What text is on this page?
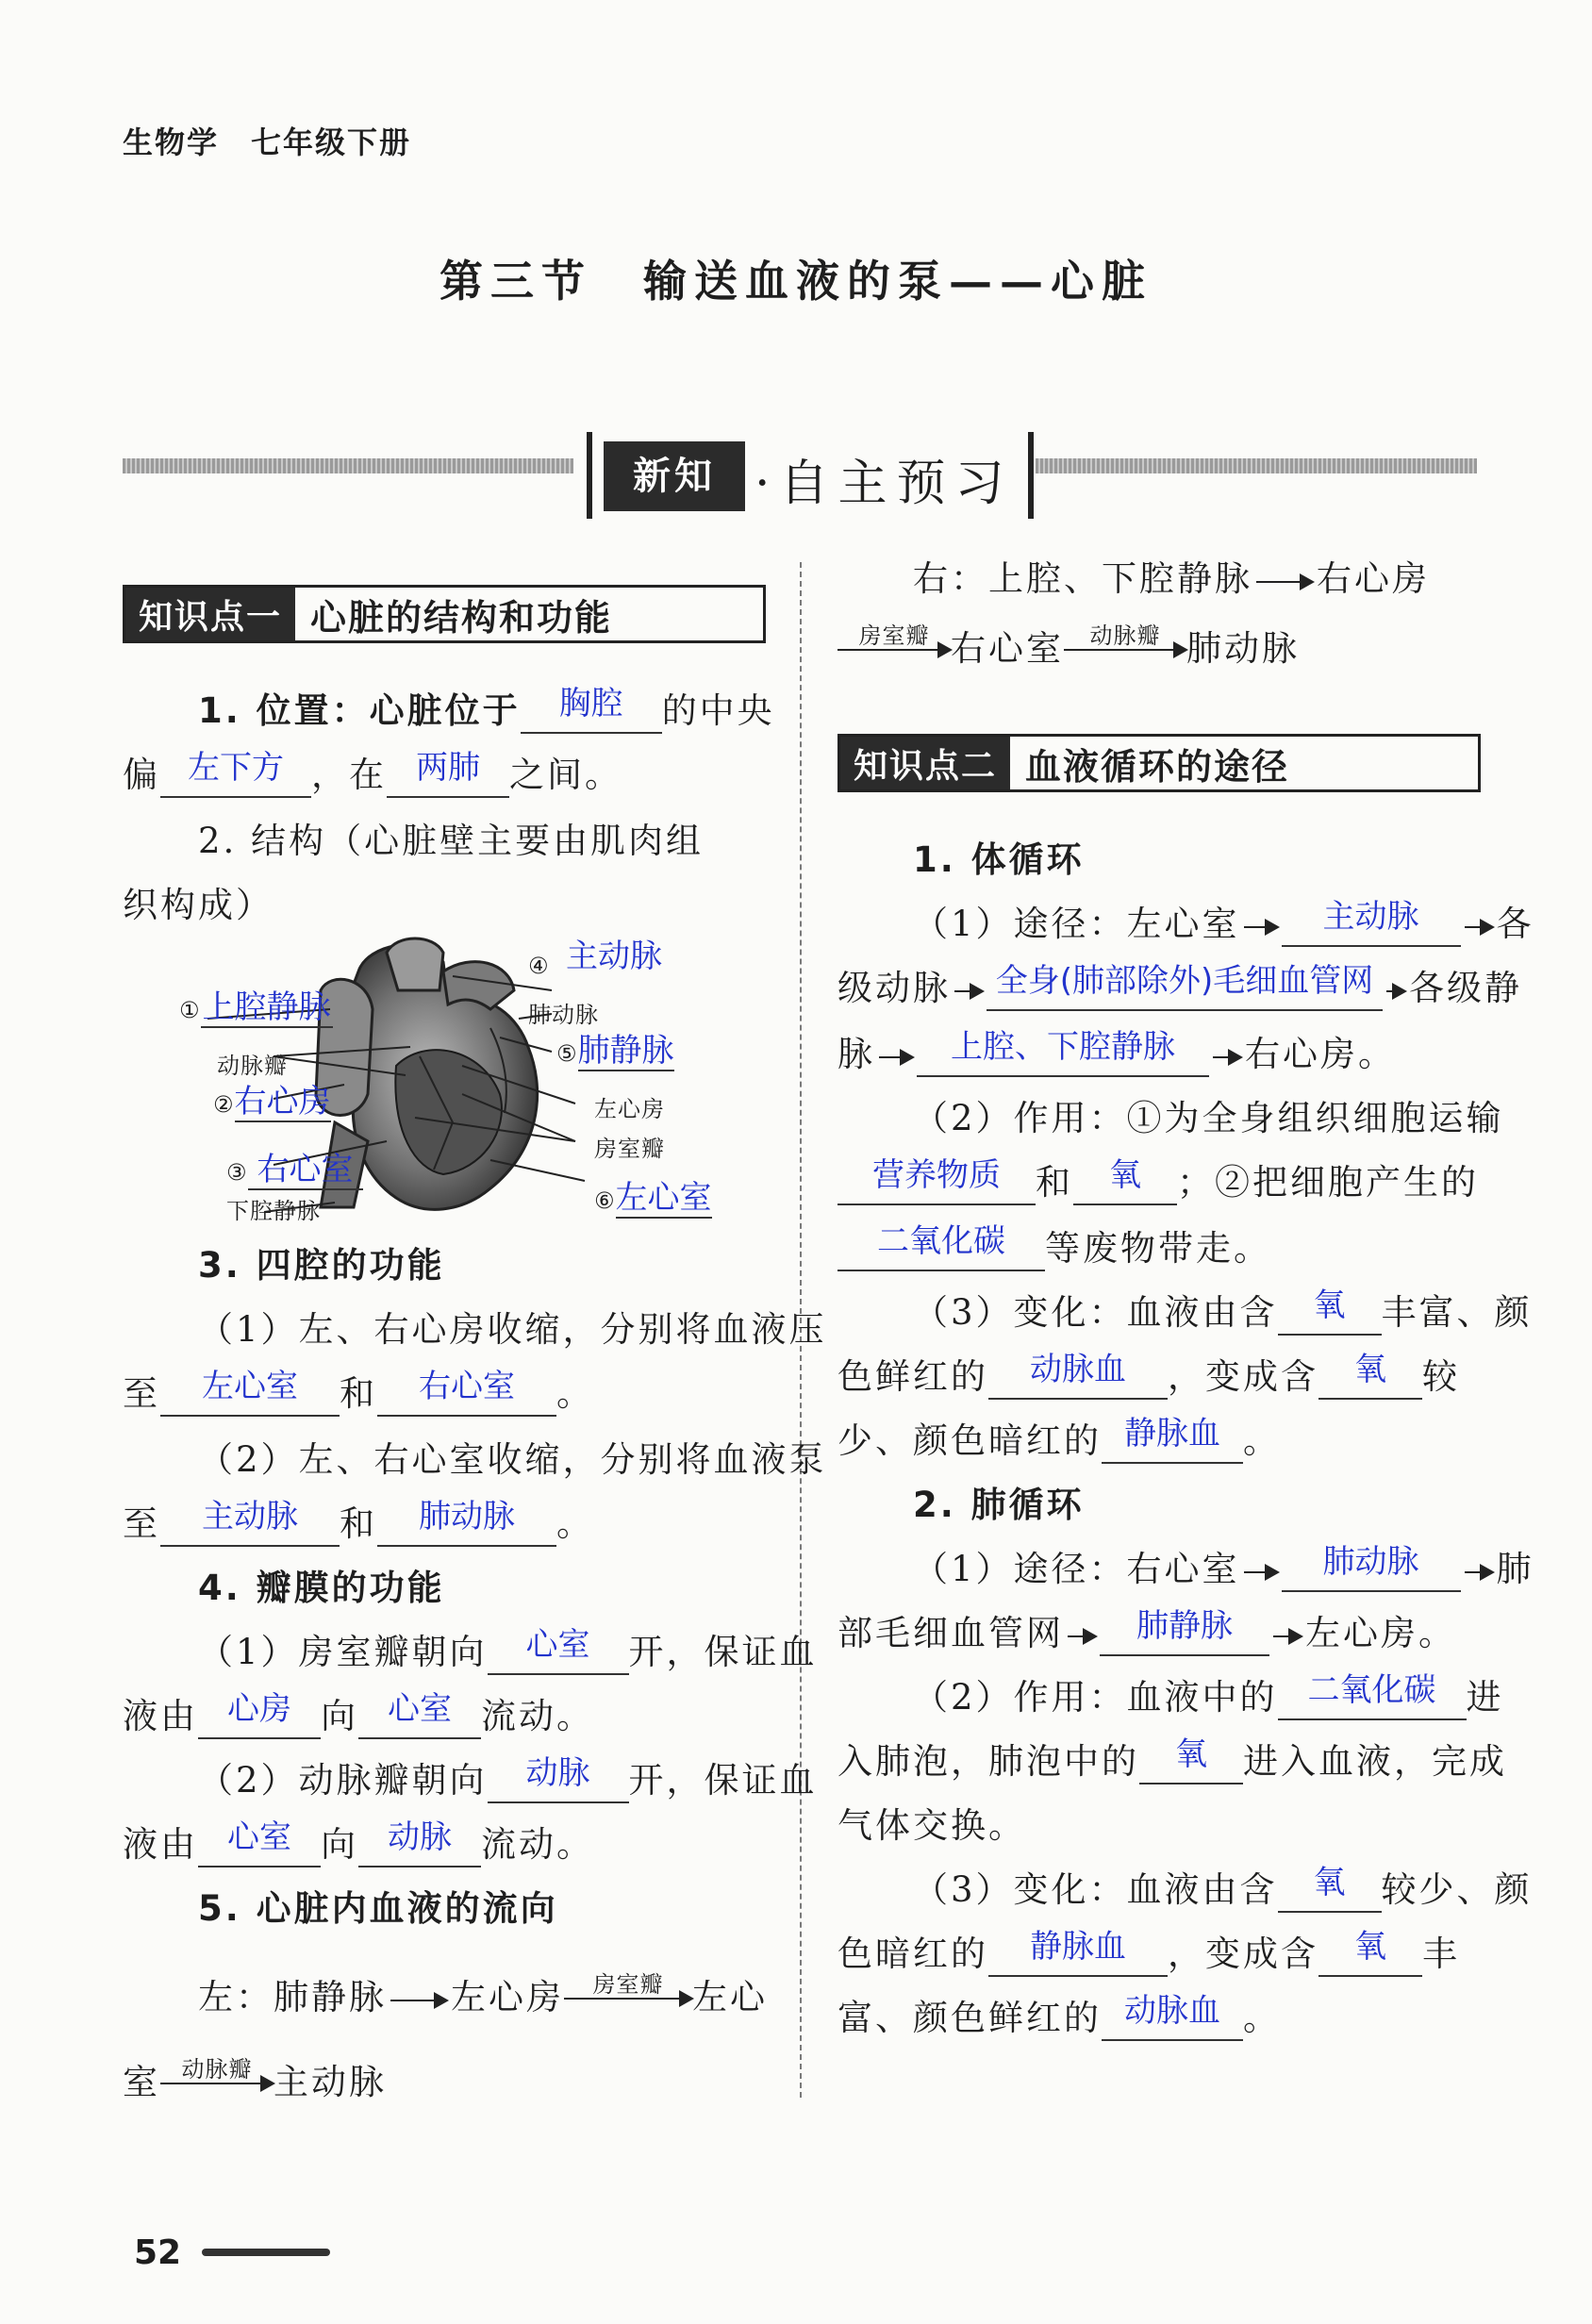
生物学　七年级下册
第三节　输送血液的泵——心脏
新知 ·自主预习
知识点一 心脏的结构和功能
1. 位置：心脏位于	胸腔	的中央
偏 左下方 ，在 两肺 之间。
2. 结构（心脏壁主要由肌肉组
织构成）
①上腔静脉
④ 主动脉
肺动脉
⑤肺静脉
动脉瓣
②右心房	左心房
房室瓣
③ 右心室
⑥左心室
下腔静脉
3. 四腔的功能
（1）左、右心房收缩，分别将血液压
至	左心室	和	右心室	。
（2）左、右心室收缩，分别将血液泵
至	主动脉	和	肺动脉	。
4. 瓣膜的功能
（1）房室瓣朝向	心室	开，保证血
液由 心房 向 心室 流动。
（2）动脉瓣朝向	动脉	开，保证血
液由 心室 向 动脉 流动。
5. 心脏内血液的流向
左：肺静脉 左心房	房室瓣 左心
室 动脉瓣 主动脉
右：上腔、下腔静脉 右心房
房室瓣 右心室	动脉瓣 肺动脉
知识点二 血液循环的途径
1. 体循环
（1）途径：左心室	主动脉	各
级动脉 全身(肺部除外)毛细血管网 各级静
脉	上腔、下腔静脉	右心房。
（2）作用：①为全身组织细胞运输
营养物质	和	氧	；②把细胞产生的
二氧化碳	等废物带走。
（3）变化：血液由含	氧	丰富、颜
色鲜红的	动脉血	，变成含	氧	较
少、颜色暗红的 静脉血 。
2. 肺循环
（1）途径：右心室	肺动脉	肺
部毛细血管网	肺静脉	左心房。
（2）作用：血液中的 二氧化碳 进
入肺泡，肺泡中的	氧	进入血液，完成
气体交换。
（3）变化：血液由含	氧	较少、颜
色暗红的	静脉血	，变成含	氧	丰
富、颜色鲜红的 动脉血 。
52
